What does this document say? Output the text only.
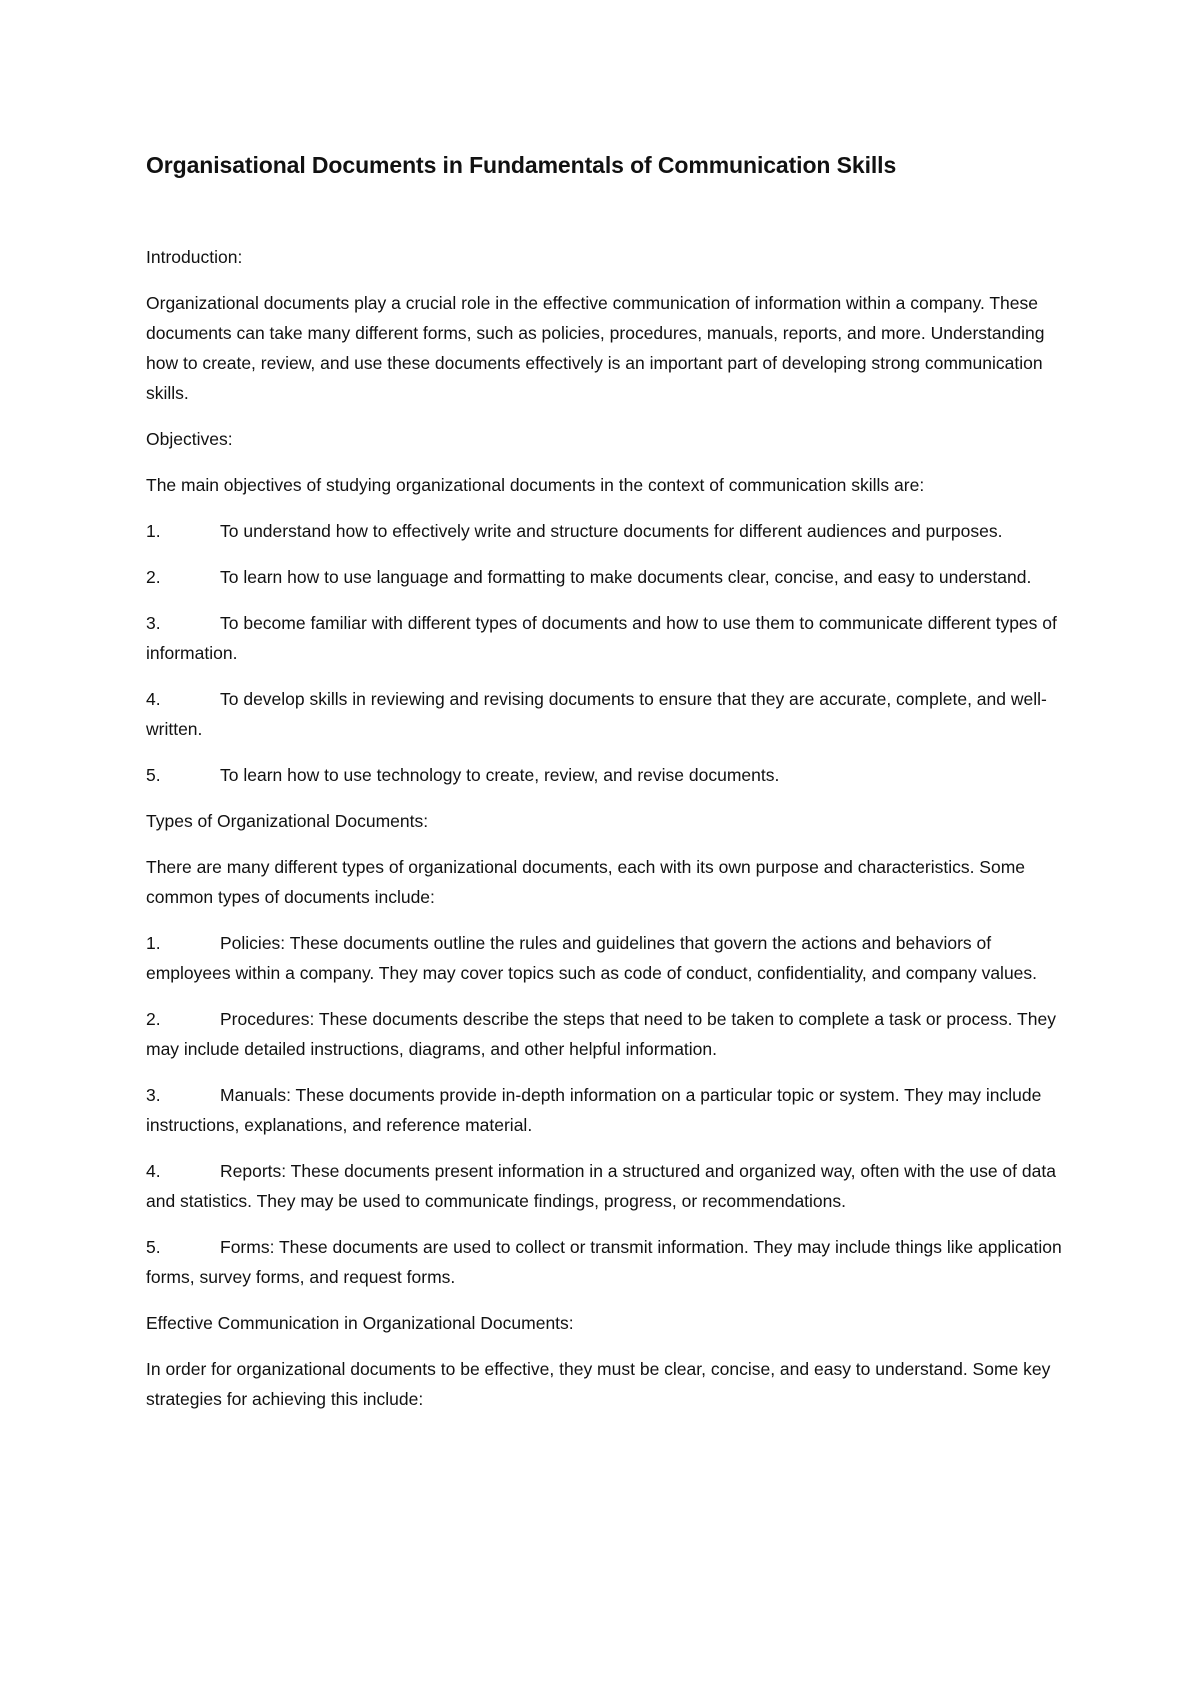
Organisational Documents in Fundamentals of Communication Skills

Introduction:

Organizational documents play a crucial role in the effective communication of information within a company. These documents can take many different forms, such as policies, procedures, manuals, reports, and more. Understanding how to create, review, and use these documents effectively is an important part of developing strong communication skills.

Objectives:

The main objectives of studying organizational documents in the context of communication skills are:

1.	To understand how to effectively write and structure documents for different audiences and purposes.

2.	To learn how to use language and formatting to make documents clear, concise, and easy to understand.

3.	To become familiar with different types of documents and how to use them to communicate different types of information.

4.	To develop skills in reviewing and revising documents to ensure that they are accurate, complete, and well-written.

5.	To learn how to use technology to create, review, and revise documents.

Types of Organizational Documents:

There are many different types of organizational documents, each with its own purpose and characteristics. Some common types of documents include:

1.	Policies: These documents outline the rules and guidelines that govern the actions and behaviors of employees within a company. They may cover topics such as code of conduct, confidentiality, and company values.

2.	Procedures: These documents describe the steps that need to be taken to complete a task or process. They may include detailed instructions, diagrams, and other helpful information.

3.	Manuals: These documents provide in-depth information on a particular topic or system. They may include instructions, explanations, and reference material.

4.	Reports: These documents present information in a structured and organized way, often with the use of data and statistics. They may be used to communicate findings, progress, or recommendations.

5.	Forms: These documents are used to collect or transmit information. They may include things like application forms, survey forms, and request forms.

Effective Communication in Organizational Documents:

In order for organizational documents to be effective, they must be clear, concise, and easy to understand. Some key strategies for achieving this include:
